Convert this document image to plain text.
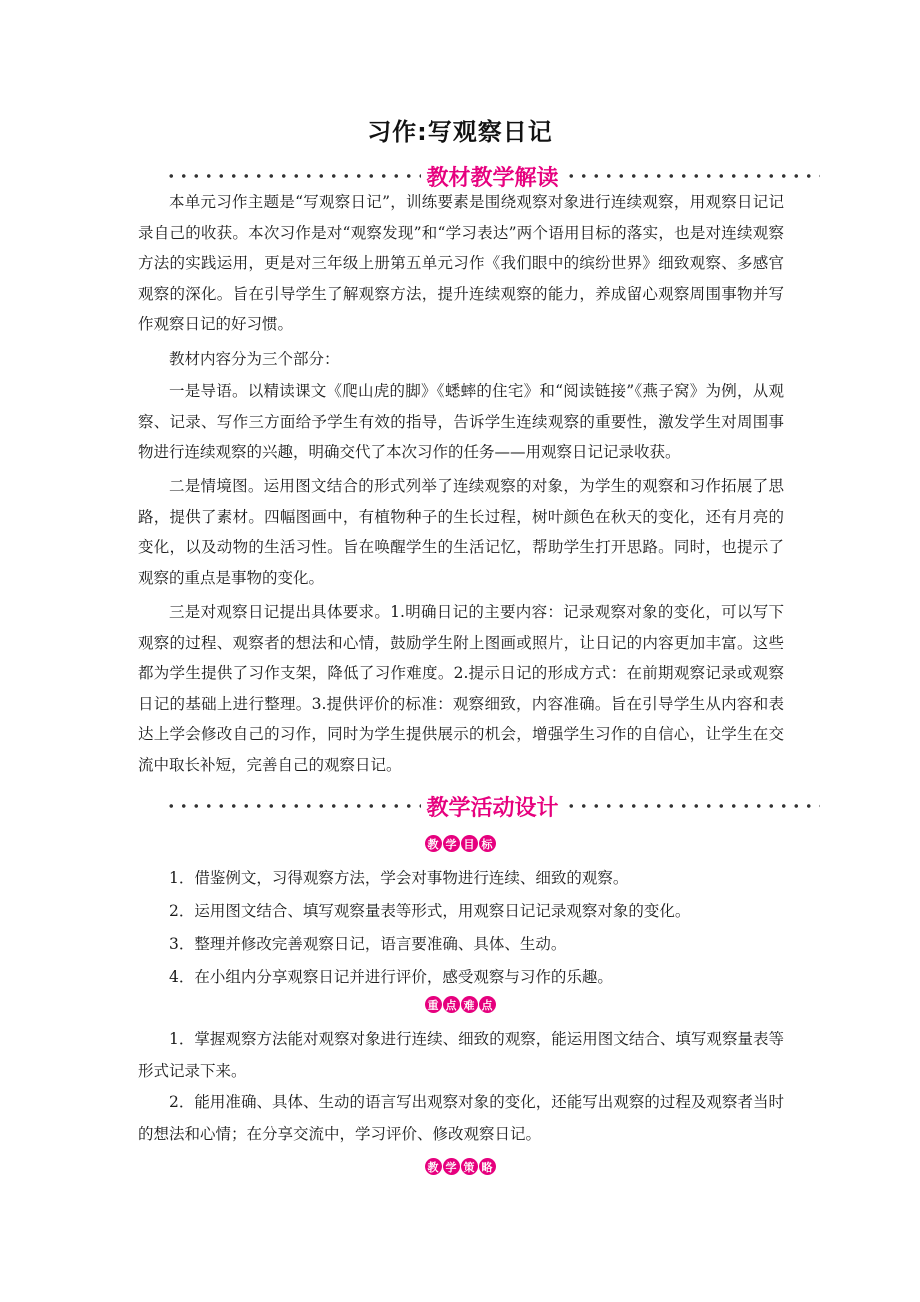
习作:写观察日记
教材教学解读

本单元习作主题是“写观察日记”，训练要素是围绕观察对象进行连续观察，用观察日记记录自己的收获。本次习作是对“观察发现”和“学习表达”两个语用目标的落实，也是对连续观察方法的实践运用，更是对三年级上册第五单元习作《我们眼中的缤纷世界》细致观察、多感官观察的深化。旨在引导学生了解观察方法，提升连续观察的能力，养成留心观察周围事物并写作观察日记的好习惯。

教材内容分为三个部分：

一是导语。以精读课文《爬山虎的脚》《蟋蟀的住宅》和“阅读链接”《燕子窝》为例，从观察、记录、写作三方面给予学生有效的指导，告诉学生连续观察的重要性，激发学生对周围事物进行连续观察的兴趣，明确交代了本次习作的任务——用观察日记记录收获。

二是情境图。运用图文结合的形式列举了连续观察的对象，为学生的观察和习作拓展了思路，提供了素材。四幅图画中，有植物种子的生长过程，树叶颜色在秋天的变化，还有月亮的变化，以及动物的生活习性。旨在唤醒学生的生活记忆，帮助学生打开思路。同时，也提示了观察的重点是事物的变化。

三是对观察日记提出具体要求。1.明确日记的主要内容：记录观察对象的变化，可以写下观察的过程、观察者的想法和心情，鼓励学生附上图画或照片，让日记的内容更加丰富。这些都为学生提供了习作支架，降低了习作难度。2.提示日记的形成方式：在前期观察记录或观察日记的基础上进行整理。3.提供评价的标准：观察细致，内容准确。旨在引导学生从内容和表达上学会修改自己的习作，同时为学生提供展示的机会，增强学生习作的自信心，让学生在交流中取长补短，完善自己的观察日记。

教学活动设计
教 学 目 标

1．借鉴例文，习得观察方法，学会对事物进行连续、细致的观察。

2．运用图文结合、填写观察量表等形式，用观察日记记录观察对象的变化。

3．整理并修改完善观察日记，语言要准确、具体、生动。

4．在小组内分享观察日记并进行评价，感受观察与习作的乐趣。

重 点 难 点

1．掌握观察方法能对观察对象进行连续、细致的观察，能运用图文结合、填写观察量表等形式记录下来。

2．能用准确、具体、生动的语言写出观察对象的变化，还能写出观察的过程及观察者当时的想法和心情；在分享交流中，学习评价、修改观察日记。

教 学 策 略
